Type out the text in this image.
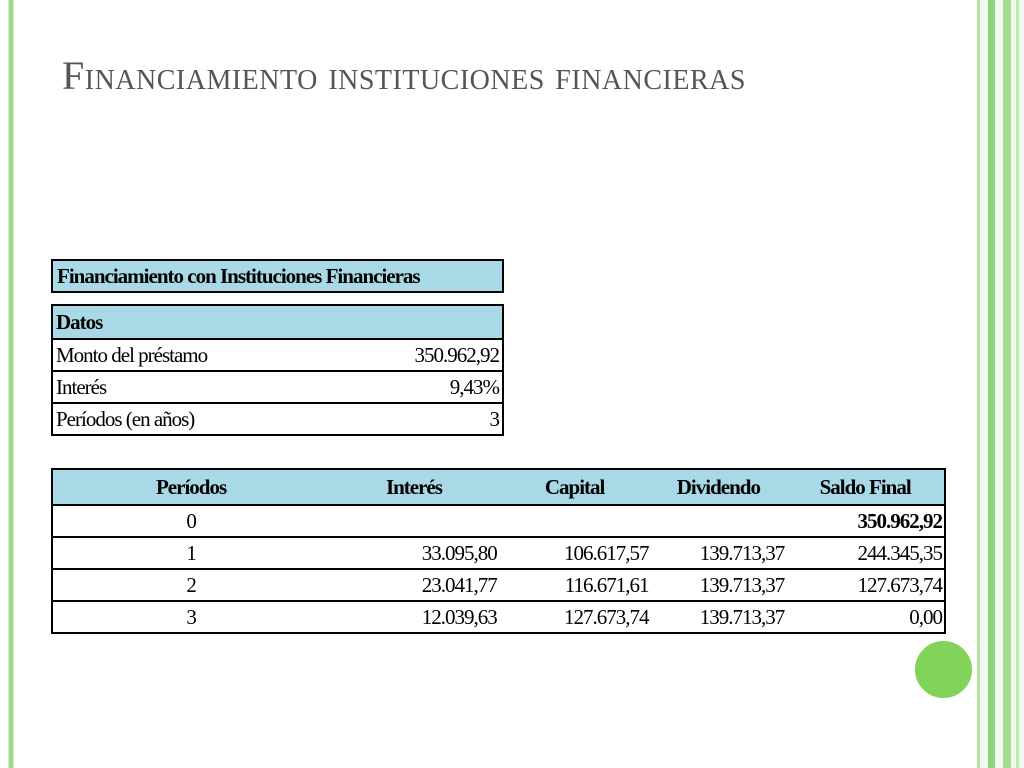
Financiamiento instituciones financieras
Financiamiento con Instituciones Financieras
Datos	
Monto del préstamo	350.962,92
Interés	9,43%
Períodos (en años)	3
Períodos	Interés	Capital	Dividendo	Saldo Final
0				350.962,92
1	33.095,80	106.617,57	139.713,37	244.345,35
2	23.041,77	116.671,61	139.713,37	127.673,74
3	12.039,63	127.673,74	139.713,37	0,00
